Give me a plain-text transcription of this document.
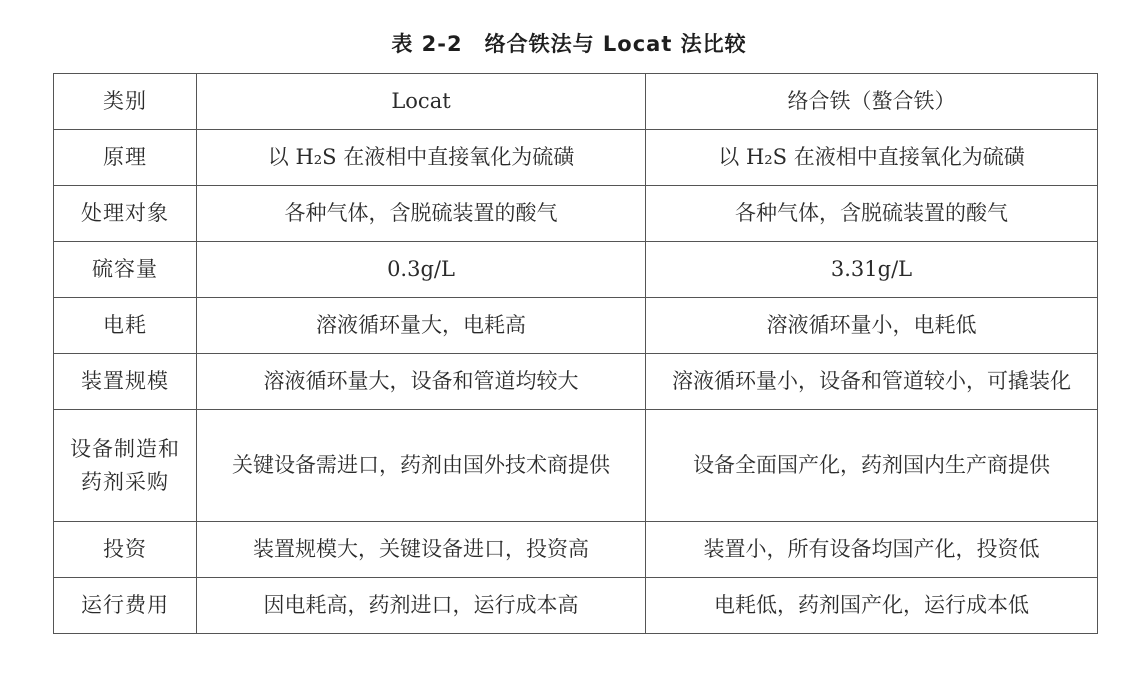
表 2-2 络合铁法与 Locat 法比较
类别	Locat	络合铁（螯合铁）
原理	以 H₂S 在液相中直接氧化为硫磺	以 H₂S 在液相中直接氧化为硫磺
处理对象	各种气体，含脱硫装置的酸气	各种气体，含脱硫装置的酸气
硫容量	0.3g/L	3.31g/L
电耗	溶液循环量大，电耗高	溶液循环量小，电耗低
装置规模	溶液循环量大，设备和管道均较大	溶液循环量小，设备和管道较小，可撬装化
设备制造和药剂采购	关键设备需进口，药剂由国外技术商提供	设备全面国产化，药剂国内生产商提供
投资	装置规模大，关键设备进口，投资高	装置小，所有设备均国产化，投资低
运行费用	因电耗高，药剂进口，运行成本高	电耗低，药剂国产化，运行成本低
